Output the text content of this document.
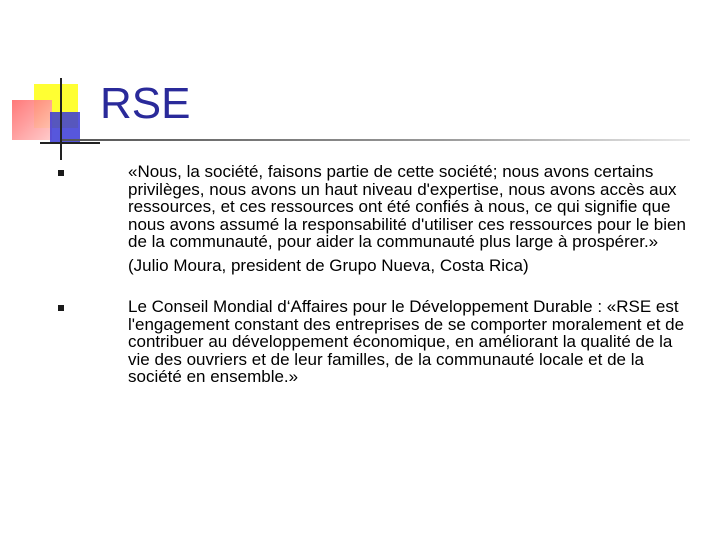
RSE

«Nous, la société, faisons partie de cette société; nous avons certains privilèges, nous avons un haut niveau d'expertise, nous avons accès aux ressources, et ces ressources ont été confiés à nous, ce qui signifie que nous avons assumé la responsabilité d'utiliser ces ressources pour le bien de la communauté, pour aider la communauté plus large à prospérer.»

(Julio Moura, president de Grupo Nueva, Costa Rica)

Le Conseil Mondial d‘Affaires pour le Développement Durable : «RSE est l'engagement constant des entreprises de se comporter moralement et de contribuer au développement économique, en améliorant la qualité de la vie des ouvriers et de leur familles, de la communauté locale et de la société en ensemble.»
